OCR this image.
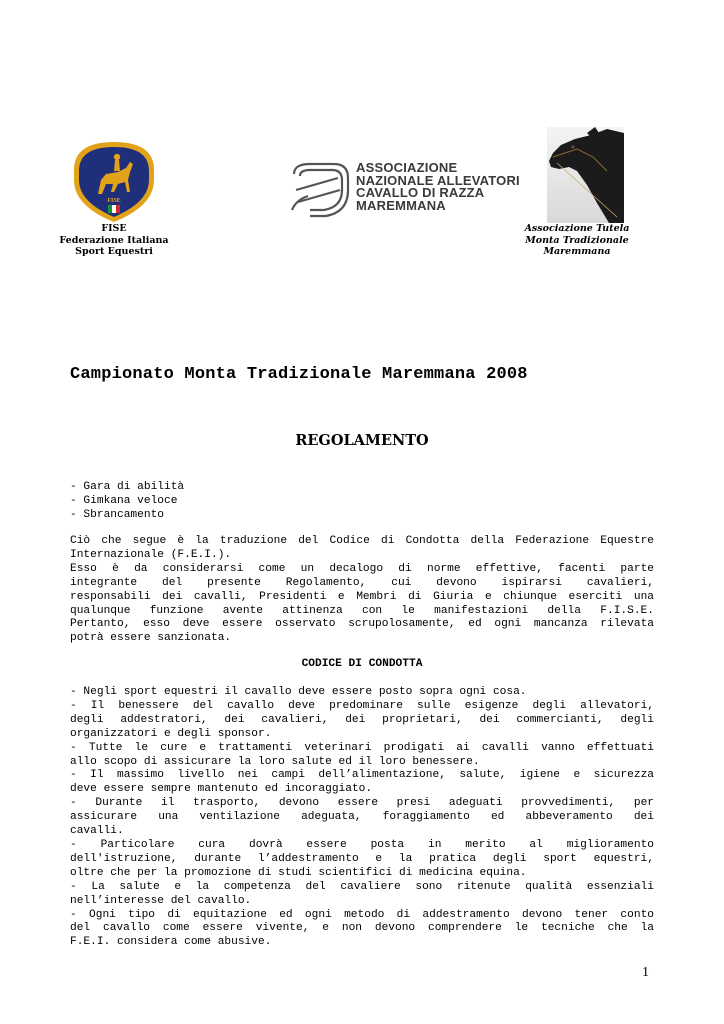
FISE
FISE
Federazione Italiana
Sport Equestri
ASSOCIAZIONE
NAZIONALE ALLEVATORI
CAVALLO DI RAZZA
MAREMMANA
Associazione Tutela
Monta Tradizionale
Maremmana
Campionato Monta Tradizionale Maremmana 2008
REGOLAMENTO
- Gara di abilità
- Gimkana veloce
- Sbrancamento
Ciò che segue è la traduzione del Codice di Condotta della Federazione Equestre
Internazionale (F.E.I.).
Esso è da considerarsi come un decalogo di norme effettive, facenti parte
integrante del presente Regolamento, cui devono ispirarsi cavalieri,
responsabili dei cavalli, Presidenti e Membri di Giuria e chiunque eserciti una
qualunque funzione avente attinenza con le manifestazioni della F.I.S.E.
Pertanto, esso deve essere osservato scrupolosamente, ed ogni mancanza rilevata
potrà essere sanzionata.
CODICE DI CONDOTTA
- Negli sport equestri il cavallo deve essere posto sopra ogni cosa.
- Il benessere del cavallo deve predominare sulle esigenze degli allevatori,
degli addestratori, dei cavalieri, dei proprietari, dei commercianti, degli
organizzatori e degli sponsor.
- Tutte le cure e trattamenti veterinari prodigati ai cavalli vanno effettuati
allo scopo di assicurare la loro salute ed il loro benessere.
- Il massimo livello nei campi dell’alimentazione, salute, igiene e sicurezza
deve essere sempre mantenuto ed incoraggiato.
- Durante il trasporto, devono essere presi adeguati provvedimenti, per
assicurare una ventilazione adeguata, foraggiamento ed abbeveramento dei
cavalli.
- Particolare cura dovrà essere posta in merito al miglioramento
dell'istruzione, durante l’addestramento e la pratica degli sport equestri,
oltre che per la promozione di studi scientifici di medicina equina.
- La salute e la competenza del cavaliere sono ritenute qualità essenziali
nell’interesse del cavallo.
- Ogni tipo di equitazione ed ogni metodo di addestramento devono tener conto
del cavallo come essere vivente, e non devono comprendere le tecniche che la
F.E.I. considera come abusive.
1
